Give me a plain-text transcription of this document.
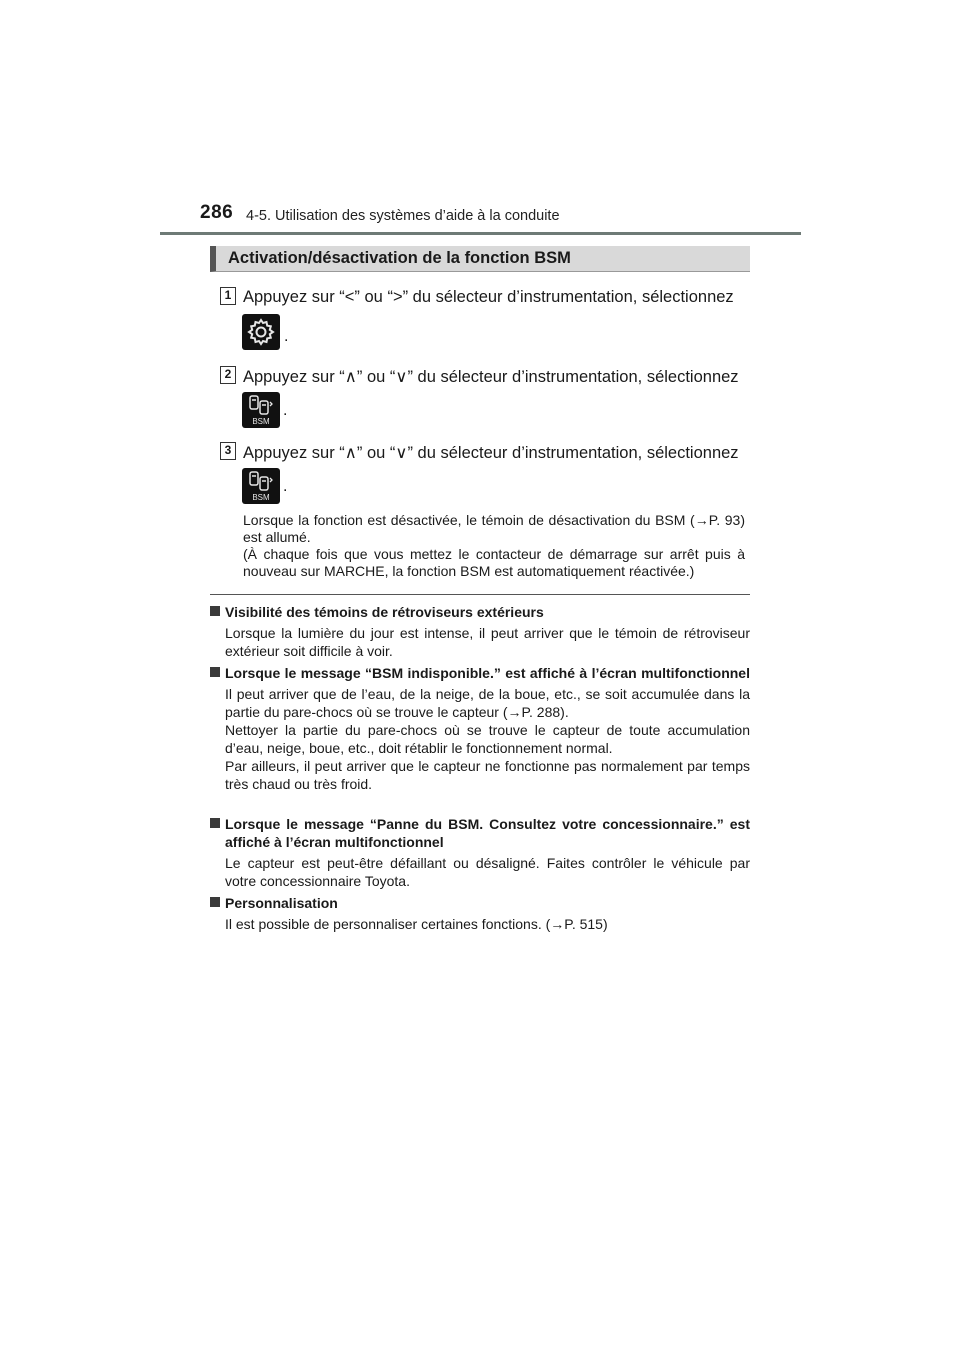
286 4-5. Utilisation des systèmes d’aide à la conduite
Activation/désactivation de la fonction BSM
1 Appuyez sur “<” ou “>” du sélecteur d’instrumentation, sélectionnez
.
2 Appuyez sur “∧” ou “∨” du sélecteur d’instrumentation, sélectionnez
BSM
.
3 Appuyez sur “∧” ou “∨” du sélecteur d’instrumentation, sélectionnez
BSM
.
Lorsque la fonction est désactivée, le témoin de désactivation du BSM (→P. 93) est allumé.
(À chaque fois que vous mettez le contacteur de démarrage sur arrêt puis à nouveau sur MARCHE, la fonction BSM est automatiquement réactivée.)
Visibilité des témoins de rétroviseurs extérieurs

Lorsque la lumière du jour est intense, il peut arriver que le témoin de rétroviseur extérieur soit difficile à voir.

Lorsque le message “BSM indisponible.” est affiché à l’écran multifonctionnel

Il peut arriver que de l’eau, de la neige, de la boue, etc., se soit accumulée dans la partie du pare-chocs où se trouve le capteur (→P. 288).

Nettoyer la partie du pare-chocs où se trouve le capteur de toute accumulation d’eau, neige, boue, etc., doit rétablir le fonctionnement normal.

Par ailleurs, il peut arriver que le capteur ne fonctionne pas normalement par temps très chaud ou très froid.

Lorsque le message “Panne du BSM. Consultez votre concessionnaire.” est affiché à l’écran multifonctionnel

Le capteur est peut-être défaillant ou désaligné. Faites contrôler le véhicule par votre concessionnaire Toyota.

Personnalisation

Il est possible de personnaliser certaines fonctions. (→P. 515)
